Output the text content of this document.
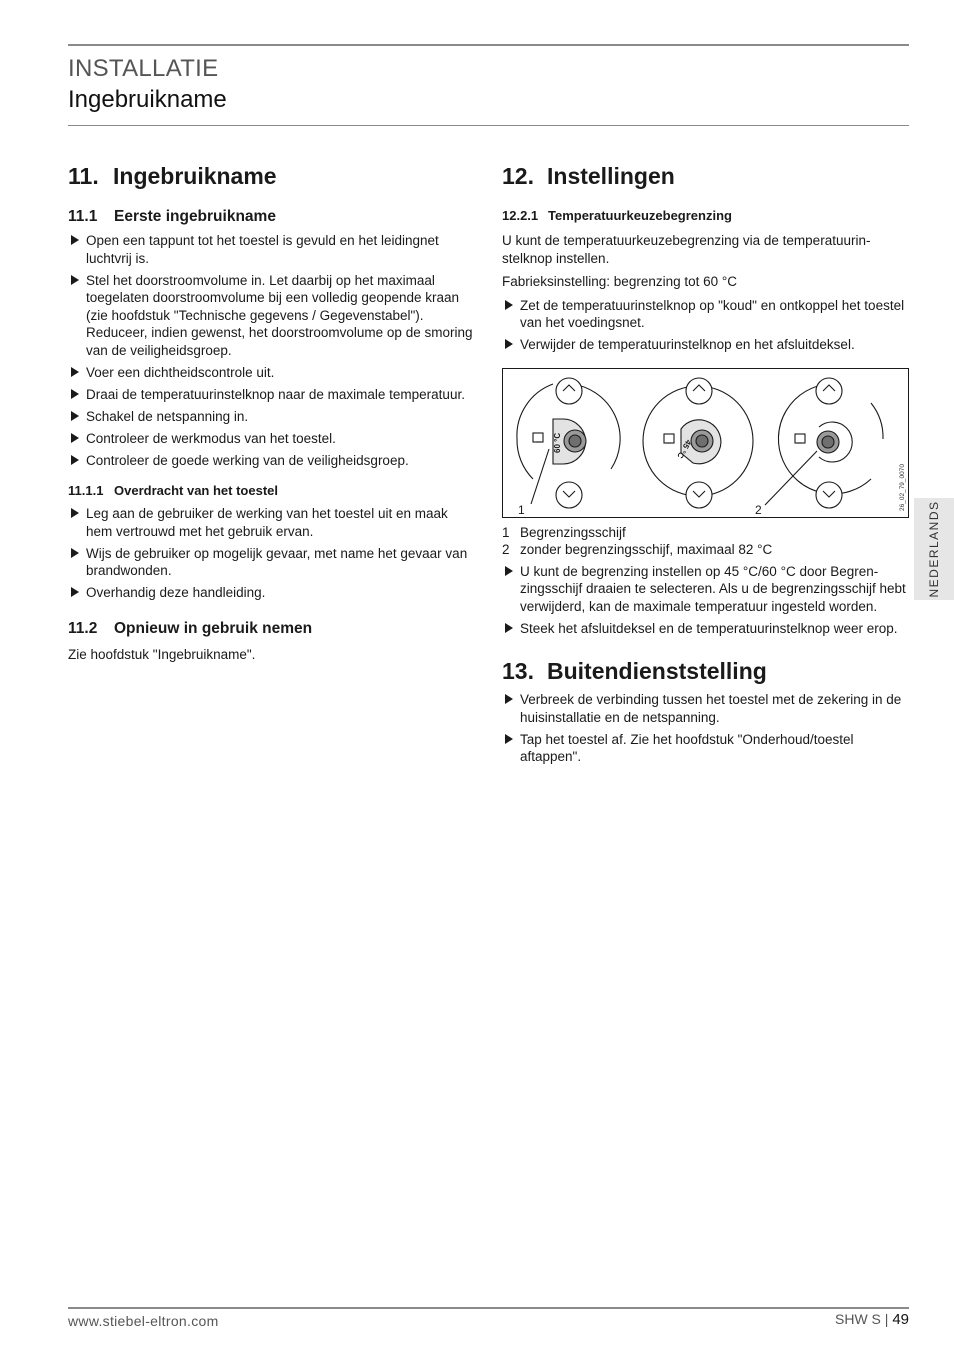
INSTALLATIE
Ingebruikname
11. Ingebruikname
11.1 Eerste ingebruikname
Open een tappunt tot het toestel is gevuld en het leidingnet luchtvrij is.
Stel het doorstroomvolume in. Let daarbij op het maximaal toegelaten doorstroomvolume bij een volledig geopende kraan (zie hoofdstuk "Technische gegevens / Gegevenstabel"). Reduceer, indien gewenst, het doorstroomvolume op de smoring van de veiligheidsgroep.
Voer een dichtheidscontrole uit.
Draai de temperatuurinstelknop naar de maximale temperatuur.
Schakel de netspanning in.
Controleer de werkmodus van het toestel.
Controleer de goede werking van de veiligheidsgroep.
11.1.1 Overdracht van het toestel
Leg aan de gebruiker de werking van het toestel uit en maak hem vertrouwd met het gebruik ervan.
Wijs de gebruiker op mogelijk gevaar, met name het gevaar van brandwonden.
Overhandig deze handleiding.
11.2 Opnieuw in gebruik nemen

Zie hoofdstuk "Ingebruikname".

12. Instellingen
12.2.1 Temperatuurkeuzebegrenzing

U kunt de temperatuurkeuzebegrenzing via de temperatuurin-stelknop instellen.

Fabrieksinstelling: begrenzing tot 60 °C

Zet de temperatuurinstelknop op "koud" en ontkoppel het toestel van het voedingsnet.
Verwijder de temperatuurinstelknop en het afsluitdeksel.
60 °C	45 °C
1	2	26_02_79_0070
1 Begrenzingsschijf
2 zonder begrenzingsschijf, maximaal 82 °C
U kunt de begrenzing instellen op 45 °C/60 °C door Begren-zingsschijf draaien te selecteren. Als u de begrenzingsschijf hebt verwijderd, kan de maximale temperatuur ingesteld worden.
Steek het afsluitdeksel en de temperatuurinstelknop weer erop.
13. Buitendienststelling
Verbreek de verbinding tussen het toestel met de zekering in de huisinstallatie en de netspanning.
Tap het toestel af. Zie het hoofdstuk "Onderhoud/toestel aftappen".
NEDERLANDS
www.stiebel-eltron.com	SHW S | 49
